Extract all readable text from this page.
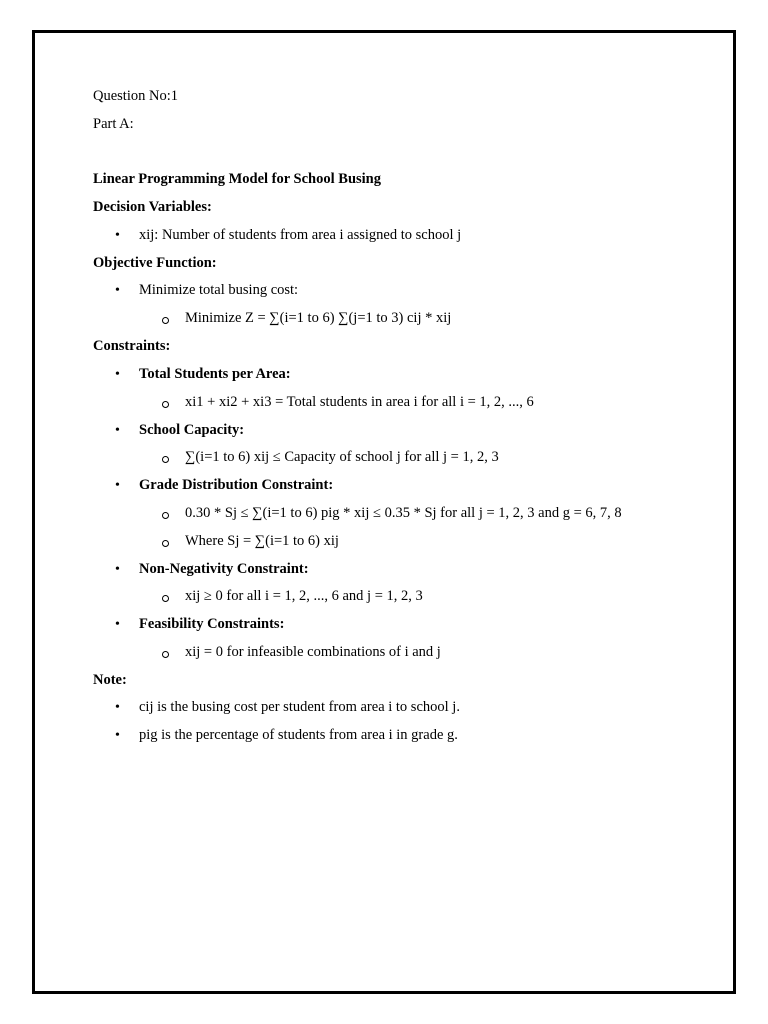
Question No:1
Part A:
Linear Programming Model for School Busing
Decision Variables:
• xij: Number of students from area i assigned to school j
Objective Function:
• Minimize total busing cost:
Minimize Z = ∑(i=1 to 6) ∑(j=1 to 3) cij * xij
Constraints:
• Total Students per Area:
xi1 + xi2 + xi3 = Total students in area i for all i = 1, 2, ..., 6
• School Capacity:
∑(i=1 to 6) xij ≤ Capacity of school j for all j = 1, 2, 3
• Grade Distribution Constraint:
0.30 * Sj ≤ ∑(i=1 to 6) pig * xij ≤ 0.35 * Sj for all j = 1, 2, 3 and g = 6, 7, 8
Where Sj = ∑(i=1 to 6) xij
• Non-Negativity Constraint:
xij ≥ 0 for all i = 1, 2, ..., 6 and j = 1, 2, 3
• Feasibility Constraints:
xij = 0 for infeasible combinations of i and j
Note:
• cij is the busing cost per student from area i to school j.
• pig is the percentage of students from area i in grade g.
